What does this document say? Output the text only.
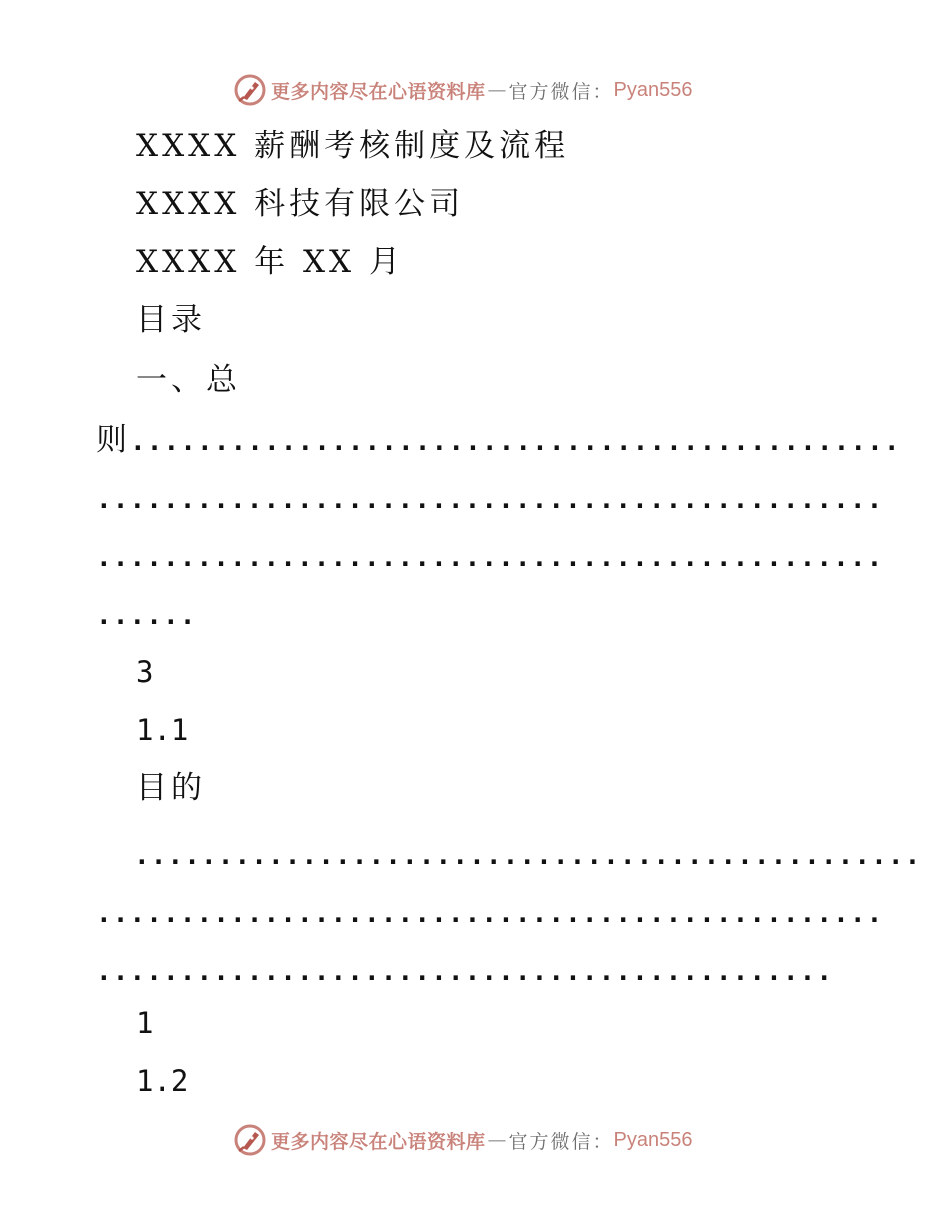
更多内容尽在心语资料库 — 官方微信： Pyan556
XXXX 薪酬考核制度及流程
XXXX 科技有限公司
XXXX 年 XX 月
目录
一、总
则 ..............................................
...............................................
...............................................
......
3
1.1
目的
...............................................
...............................................
............................................
1
1.2
更多内容尽在心语资料库 — 官方微信： Pyan556
